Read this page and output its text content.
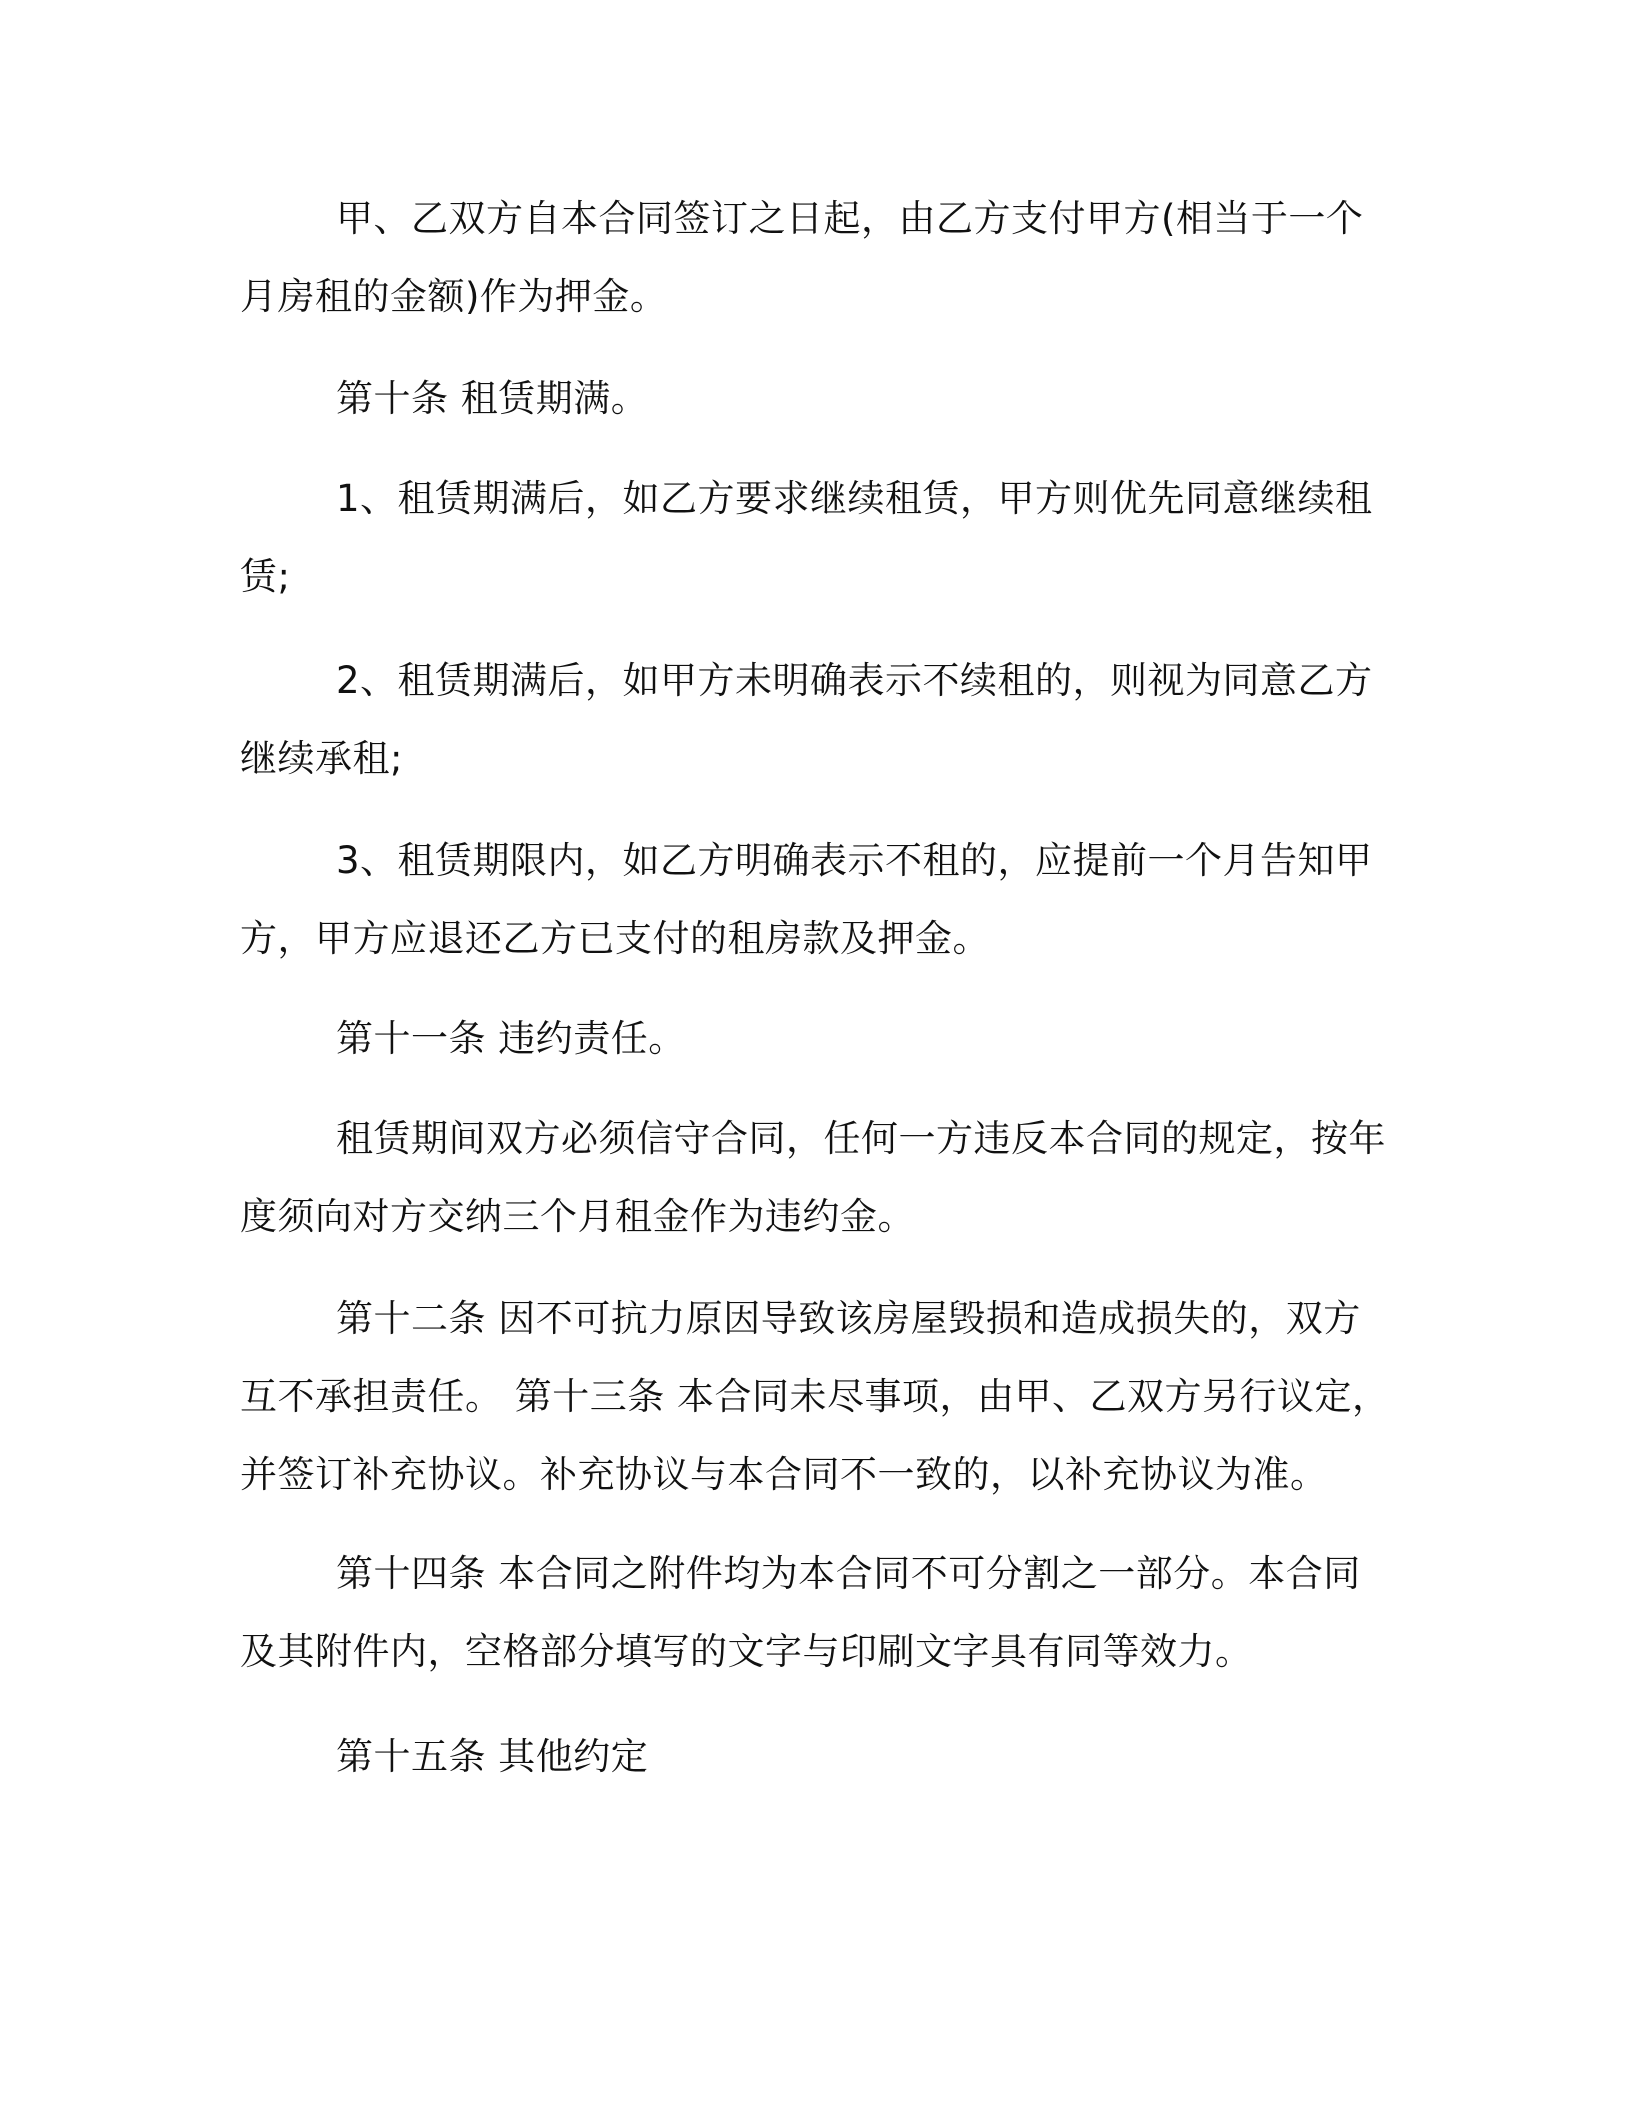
甲、乙双方自本合同签订之日起，由乙方支付甲方(相当于一个月房租的金额)作为押金。

第十条 租赁期满。

1、租赁期满后，如乙方要求继续租赁，甲方则优先同意继续租赁;

2、租赁期满后，如甲方未明确表示不续租的，则视为同意乙方继续承租;

3、租赁期限内，如乙方明确表示不租的，应提前一个月告知甲方，甲方应退还乙方已支付的租房款及押金。

第十一条 违约责任。

租赁期间双方必须信守合同，任何一方违反本合同的规定，按年度须向对方交纳三个月租金作为违约金。

第十二条 因不可抗力原因导致该房屋毁损和造成损失的，双方互不承担责任。 第十三条 本合同未尽事项，由甲、乙双方另行议定，并签订补充协议。补充协议与本合同不一致的，以补充协议为准。

第十四条 本合同之附件均为本合同不可分割之一部分。本合同及其附件内，空格部分填写的文字与印刷文字具有同等效力。

第十五条 其他约定
